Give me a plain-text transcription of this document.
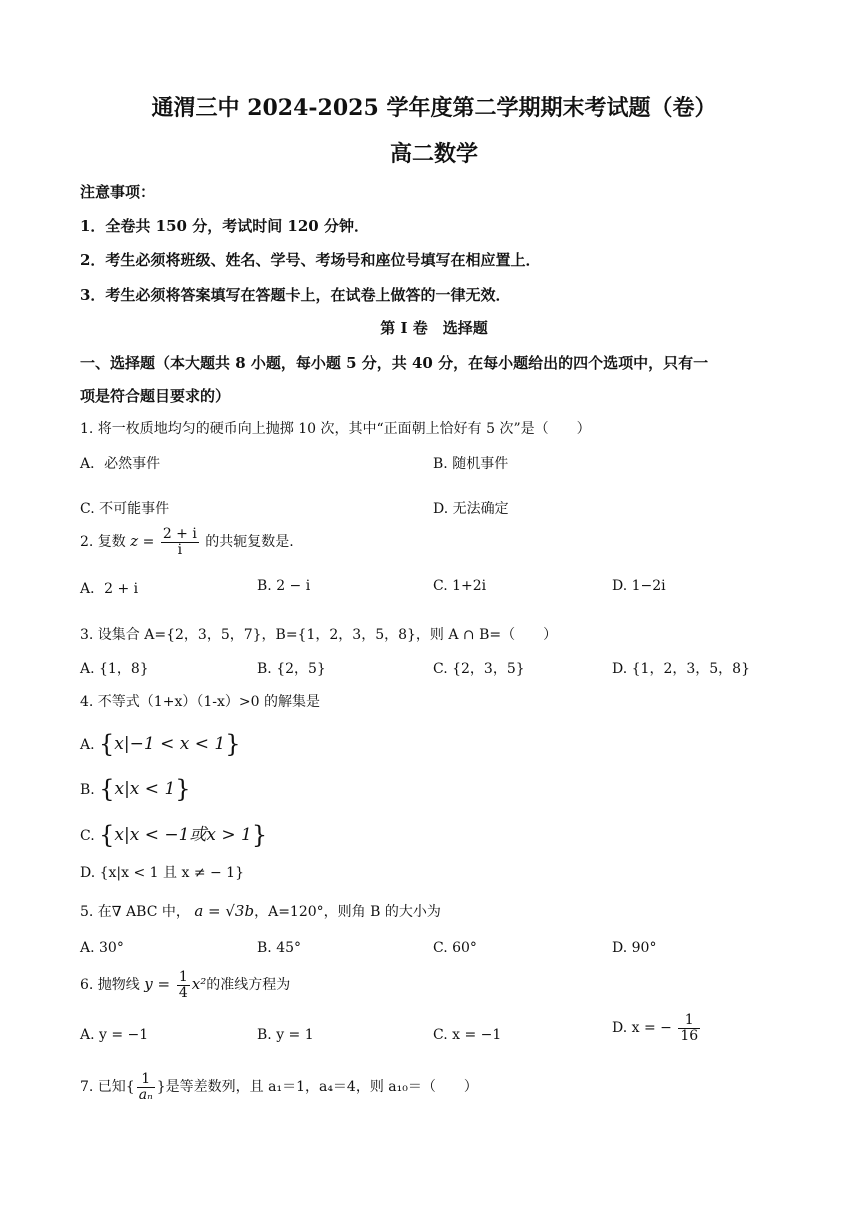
通渭三中 2024-2025 学年度第二学期期末考试题（卷）
高二数学
注意事项：
1．全卷共 150 分，考试时间 120 分钟．
2．考生必须将班级、姓名、学号、考场号和座位号填写在相应置上．
3．考生必须将答案填写在答题卡上，在试卷上做答的一律无效．
第 I 卷　选择题
一、选择题（本大题共 8 小题，每小题 5 分，共 40 分，在每小题给出的四个选项中，只有一
项是符合题目要求的）
1. 将一枚质地均匀的硬币向上抛掷 10 次，其中“正面朝上恰好有 5 次”是（　　）
A．必然事件	B. 随机事件
C. 不可能事件	D. 无法确定
2. 复数 $z = \frac{2 + i}{i}$ 的共轭复数是.
A．2 + i	B. 2 − i	C. 1+2i	D. 1−2i
3. 设集合 A={2，3，5，7}，B={1，2，3，5，8}，则 A ∩ B=（　　）
A. {1，8}	B. {2，5}	C. {2，3，5}	D. {1，2，3，5，8}
4. 不等式（1+x）（1-x）>0 的解集是
A. {x|−1 < x < 1}
B. {x|x < 1}
C. {x|x < −1或x > 1}
D. {x|x < 1 且 x ≠ − 1}
5. 在∇ ABC 中， a = √3b，A=120°，则角 B 的大小为
A. 30°	B. 45°	C. 60°	D. 90°
6. 抛物线 $y = \frac{1}{4} x^2$的准线方程为
A. y = −1	B. y = 1	C. x = −1	D. x = − $\frac{1}{16}$
7. 已知{ $\frac{1}{\text{aₙ}}$ }是等差数列，且 a₁＝1，a₄＝4，则 a₁₀＝（　　）
